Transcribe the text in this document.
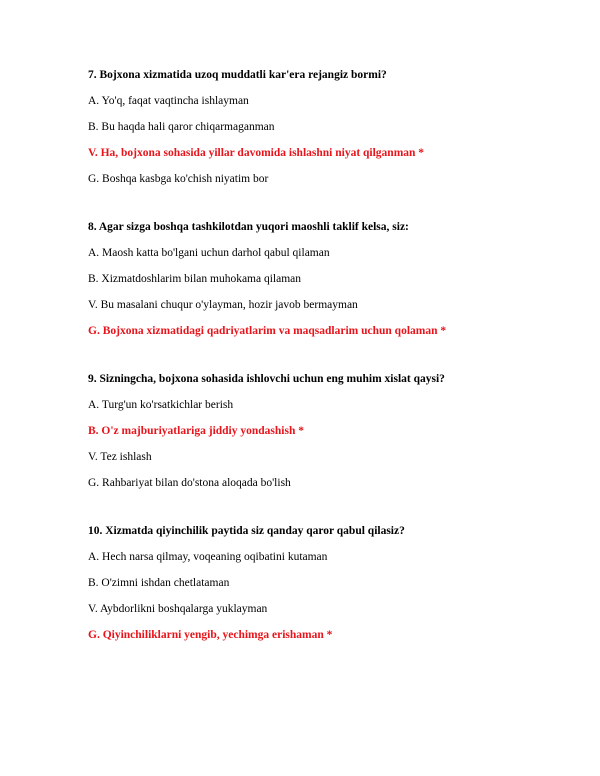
7. Bojxona xizmatida uzoq muddatli kar'era rejangiz bormi?
A. Yo'q, faqat vaqtincha ishlayman
B. Bu haqda hali qaror chiqarmaganman
V. Ha, bojxona sohasida yillar davomida ishlashni niyat qilganman *
G. Boshqa kasbga ko'chish niyatim bor
8. Agar sizga boshqa tashkilotdan yuqori maoshli taklif kelsa, siz:
A. Maosh katta bo'lgani uchun darhol qabul qilaman
B. Xizmatdoshlarim bilan muhokama qilaman
V. Bu masalani chuqur o'ylayman, hozir javob bermayman
G. Bojxona xizmatidagi qadriyatlarim va maqsadlarim uchun qolaman *
9. Sizningcha, bojxona sohasida ishlovchi uchun eng muhim xislat qaysi?
A. Turg'un ko'rsatkichlar berish
B. O'z majburiyatlariga jiddiy yondashish *
V. Tez ishlash
G. Rahbariyat bilan do'stona aloqada bo'lish
10. Xizmatda qiyinchilik paytida siz qanday qaror qabul qilasiz?
A. Hech narsa qilmay, voqeaning oqibatini kutaman
B. O'zimni ishdan chetlataman
V. Aybdorlikni boshqalarga yuklayman
G. Qiyinchiliklarni yengib, yechimga erishaman *
